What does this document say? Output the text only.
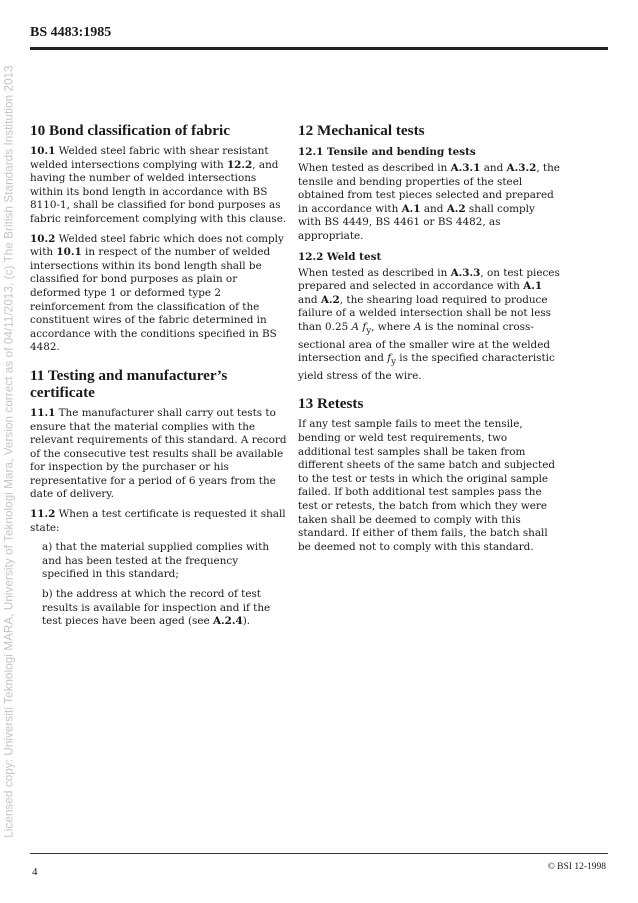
Licensed copy: Universiti Teknologi MARA, University of Teknologi Mara, Version correct as of 04/11/2013, (c) The British Standards Institution 2013
BS 4483:1985
10 Bond classification of fabric
10.1 Welded steel fabric with shear resistant welded intersections complying with 12.2, and having the number of welded intersections within its bond length in accordance with BS 8110-1, shall be classified for bond purposes as fabric reinforcement complying with this clause.
10.2 Welded steel fabric which does not comply with 10.1 in respect of the number of welded intersections within its bond length shall be classified for bond purposes as plain or deformed type 1 or deformed type 2 reinforcement from the classification of the constituent wires of the fabric determined in accordance with the conditions specified in BS 4482.
11 Testing and manufacturer’s certificate
11.1 The manufacturer shall carry out tests to ensure that the material complies with the relevant requirements of this standard. A record of the consecutive test results shall be available for inspection by the purchaser or his representative for a period of 6 years from the date of delivery.
11.2 When a test certificate is requested it shall state:
a) that the material supplied complies with and has been tested at the frequency specified in this standard;
b) the address at which the record of test results is available for inspection and if the test pieces have been aged (see A.2.4).
12 Mechanical tests
12.1 Tensile and bending tests
When tested as described in A.3.1 and A.3.2, the tensile and bending properties of the steel obtained from test pieces selected and prepared in accordance with A.1 and A.2 shall comply with BS 4449, BS 4461 or BS 4482, as appropriate.
12.2 Weld test
When tested as described in A.3.3, on test pieces prepared and selected in accordance with A.1 and A.2, the shearing load required to produce failure of a welded intersection shall be not less than 0.25 A $f_y$, where A is the nominal cross-sectional area of the smaller wire at the welded intersection and $f_y$ is the specified characteristic yield stress of the wire.
13 Retests
If any test sample fails to meet the tensile, bending or weld test requirements, two additional test samples shall be taken from different sheets of the same batch and subjected to the test or tests in which the original sample failed. If both additional test samples pass the test or retests, the batch from which they were taken shall be deemed to comply with this standard. If either of them fails, the batch shall be deemed not to comply with this standard.
4	© BSI 12-1998
